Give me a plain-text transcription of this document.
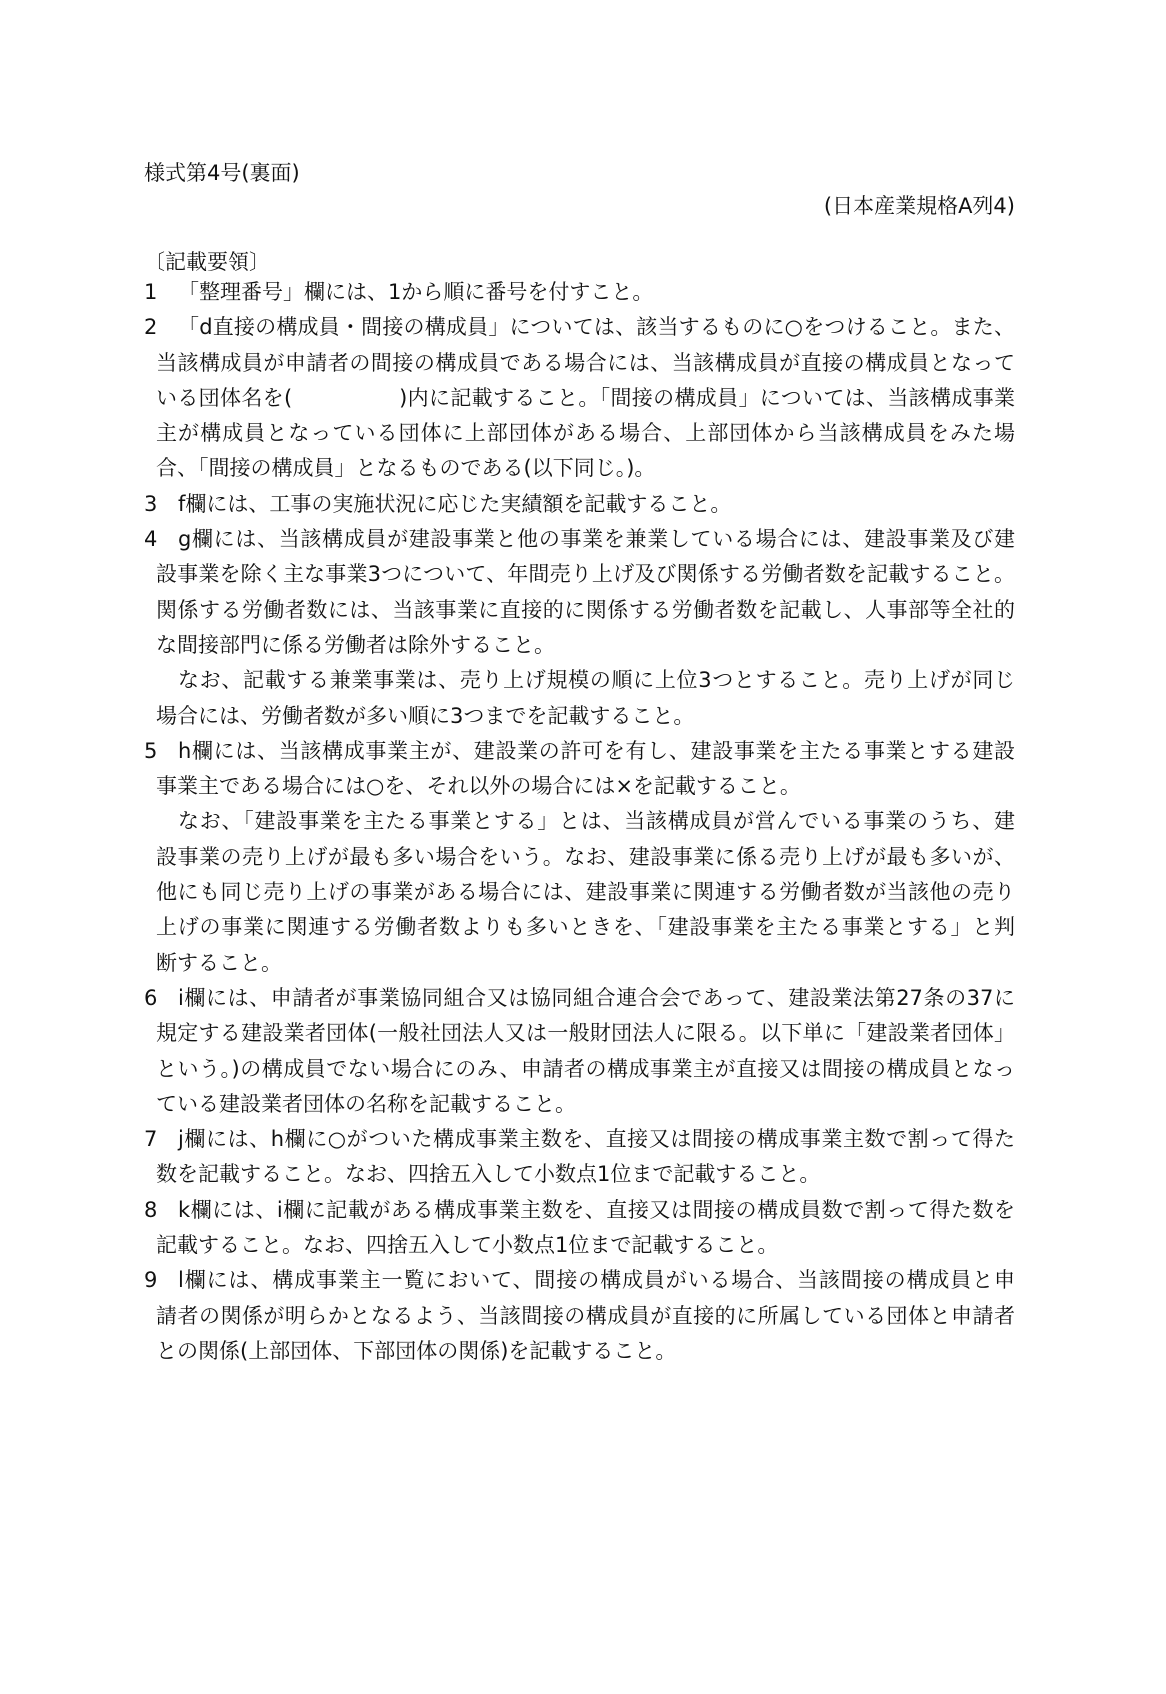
様式第4号(裏面)
(日本産業規格A列4)
〔記載要領〕
1 「整理番号」欄には、1から順に番号を付すこと。
2 「d直接の構成員・間接の構成員」については、該当するものに○をつけること。また、
当該構成員が申請者の間接の構成員である場合には、当該構成員が直接の構成員となって
いる団体名を(　　　　　)内に記載すること。「間接の構成員」については、当該構成事業
主が構成員となっている団体に上部団体がある場合、上部団体から当該構成員をみた場
合、「間接の構成員」となるものである(以下同じ。)。
3 f欄には、工事の実施状況に応じた実績額を記載すること。
4 g欄には、当該構成員が建設事業と他の事業を兼業している場合には、建設事業及び建
設事業を除く主な事業3つについて、年間売り上げ及び関係する労働者数を記載すること。
関係する労働者数には、当該事業に直接的に関係する労働者数を記載し、人事部等全社的
な間接部門に係る労働者は除外すること。
なお、記載する兼業事業は、売り上げ規模の順に上位3つとすること。売り上げが同じ
場合には、労働者数が多い順に3つまでを記載すること。
5 h欄には、当該構成事業主が、建設業の許可を有し、建設事業を主たる事業とする建設
事業主である場合には○を、それ以外の場合には×を記載すること。
なお、「建設事業を主たる事業とする」とは、当該構成員が営んでいる事業のうち、建
設事業の売り上げが最も多い場合をいう。なお、建設事業に係る売り上げが最も多いが、
他にも同じ売り上げの事業がある場合には、建設事業に関連する労働者数が当該他の売り
上げの事業に関連する労働者数よりも多いときを、「建設事業を主たる事業とする」と判
断すること。
6 i欄には、申請者が事業協同組合又は協同組合連合会であって、建設業法第27条の37に
規定する建設業者団体(一般社団法人又は一般財団法人に限る。以下単に「建設業者団体」
という。)の構成員でない場合にのみ、申請者の構成事業主が直接又は間接の構成員となっ
ている建設業者団体の名称を記載すること。
7 j欄には、h欄に○がついた構成事業主数を、直接又は間接の構成事業主数で割って得た
数を記載すること。なお、四捨五入して小数点1位まで記載すること。
8 k欄には、i欄に記載がある構成事業主数を、直接又は間接の構成員数で割って得た数を
記載すること。なお、四捨五入して小数点1位まで記載すること。
9 l欄には、構成事業主一覧において、間接の構成員がいる場合、当該間接の構成員と申
請者の関係が明らかとなるよう、当該間接の構成員が直接的に所属している団体と申請者
との関係(上部団体、下部団体の関係)を記載すること。
